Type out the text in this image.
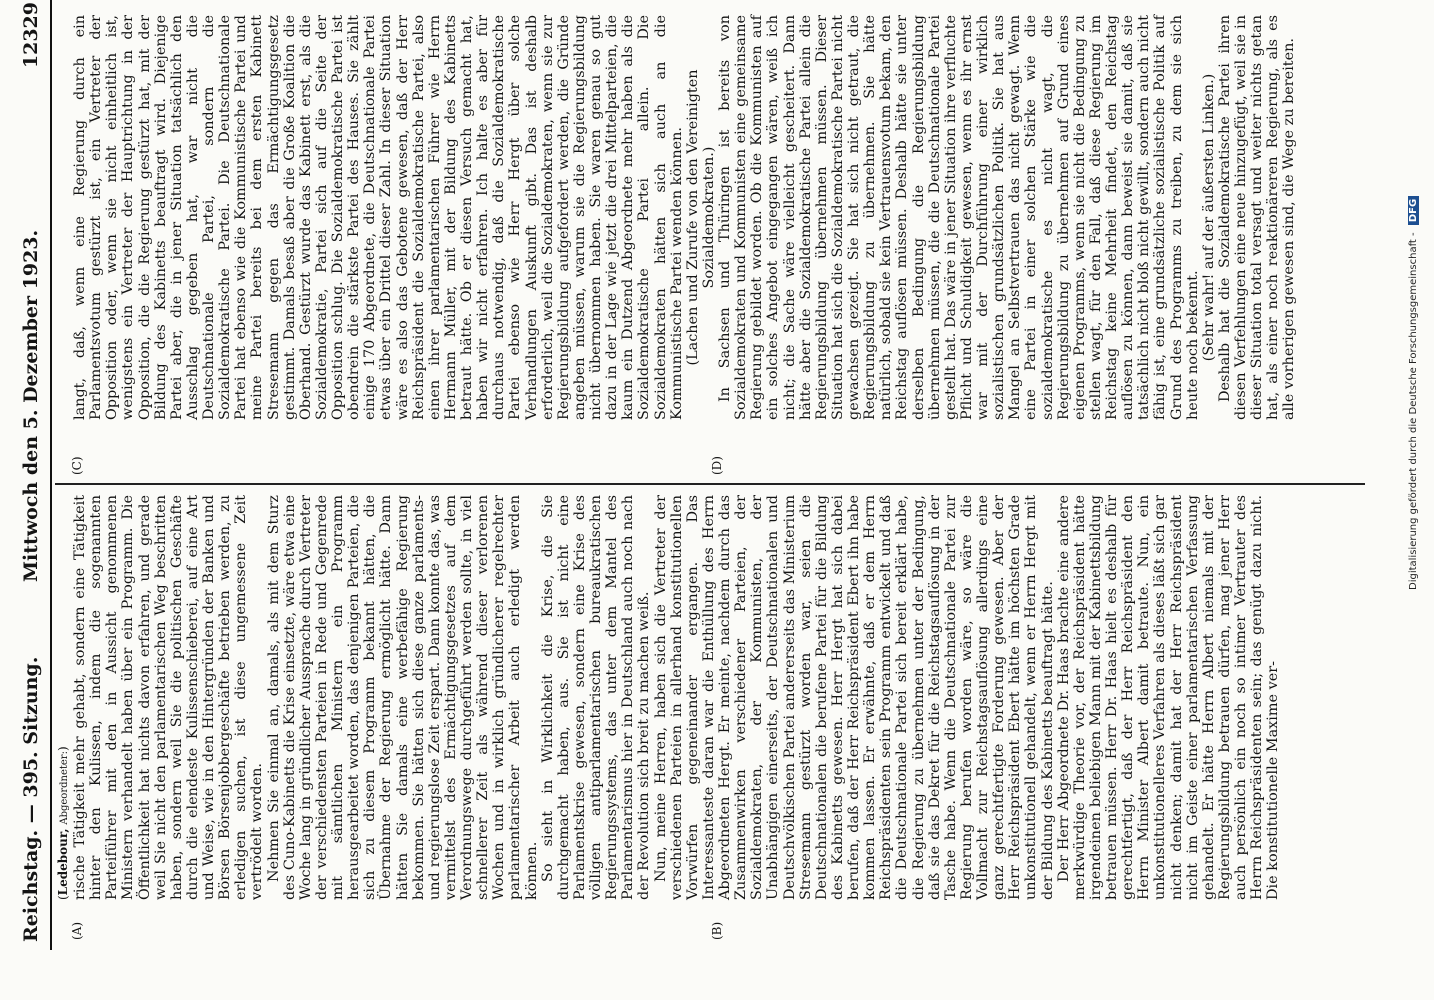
Reichstag. — 395. Sitzung.
Mittwoch den 5. Dezember 1923.
12329
(Ledebour, Abgeordneter:)
(A)	(B)
(C)	(D)

rische Tätigkeit mehr gehabt, sondern eine Tätigkeit hinter den Kulissen, indem die sogenannten Parteiführer mit den in Aussicht genommenen Ministern verhandelt haben über ein Programm. Die Öffentlichkeit hat nichts davon erfahren, und gerade weil Sie nicht den parlamentarischen Weg beschritten haben, sondern weil Sie die politischen Geschäfte durch die elendeste Kulissenschieberei, auf eine Art und Weise, wie in den Hintergründen der Banken und Börsen Börsenjobbergeschäfte betrieben werden, zu erledigen suchen, ist diese ungemessene Zeit vertrödelt worden. Nehmen Sie einmal an, damals, als mit dem Sturz des Cuno-Kabinetts die Krise einsetzte, wäre etwa eine Woche lang in gründlicher Aussprache durch Vertreter der verschiedensten Parteien in Rede und Gegenrede mit sämtlichen Ministern ein Programm herausgearbeitet worden, das denjenigen Parteien, die sich zu diesem Programm bekannt hätten, die Übernahme der Regierung ermöglicht hätte. Dann hätten Sie damals eine werbefähige Regierung bekommen. Sie hätten sich diese ganze parlaments- und regierungslose Zeit erspart. Dann konnte das, was vermittelst des Ermächtigungsgesetzes auf dem Verordnungswege durchgeführt werden sollte, in viel schnellerer Zeit als während dieser verlorenen Wochen und in wirklich gründlicherer regelrechter parlamentarischer Arbeit auch erledigt werden können. So sieht in Wirklichkeit die Krise, die Sie durchgemacht haben, aus. Sie ist nicht eine Parlamentskrise gewesen, sondern eine Krise des völligen antiparlamentarischen bureaukratischen Regierungssystems, das unter dem Mantel des Parlamentarismus hier in Deutschland auch noch nach der Revolution sich breit zu machen weiß. Nun, meine Herren, haben sich die Vertreter der verschiedenen Parteien in allerhand konstitutionellen Vorwürfen gegeneinander ergangen. Das Interessanteste daran war die Enthüllung des Herrn Abgeordneten Hergt. Er meinte, nachdem durch das Zusammenwirken verschiedener Parteien, der Sozialdemokraten, der Kommunisten, der Unabhängigen einerseits, der Deutschnationalen und Deutschvölkischen Partei andererseits das Ministerium Stresemann gestürzt worden war, seien die Deutschnationalen die berufene Partei für die Bildung des Kabinetts gewesen. Herr Hergt hat sich dabei berufen, daß der Herr Reichspräsident Ebert ihn habe kommen lassen. Er erwähnte, daß er dem Herrn Reichspräsidenten sein Programm entwickelt und daß die Deutschnationale Partei sich bereit erklärt habe, die Regierung zu übernehmen unter der Bedingung, daß sie das Dekret für die Reichstagsauflösung in der Tasche habe. Wenn die Deutschnationale Partei zur Regierung berufen worden wäre, so wäre die Vollmacht zur Reichstagsauflösung allerdings eine ganz gerechtfertigte Forderung gewesen. Aber der Herr Reichspräsident Ebert hätte im höchsten Grade unkonstitutionell gehandelt, wenn er Herrn Hergt mit der Bildung des Kabinetts beauftragt hätte. Der Herr Abgeordnete Dr. Haas brachte eine andere merkwürdige Theorie vor, der Reichspräsident hätte irgendeinen beliebigen Mann mit der Kabinettsbildung betrauen müssen. Herr Dr. Haas hielt es deshalb für gerechtfertigt, daß der Herr Reichspräsident den Herrn Minister Albert damit betraute. Nun, ein unkonstitutionelleres Verfahren als dieses läßt sich gar nicht denken; damit hat der Herr Reichspräsident nicht im Geiste einer parlamentarischen Verfassung gehandelt. Er hätte Herrn Albert niemals mit der Regierungsbildung betrauen dürfen, mag jener Herr auch persönlich ein noch so intimer Vertrauter des Herrn Reichspräsidenten sein; das genügt dazu nicht. Die konstitutionelle Maxime ver-

langt, daß, wenn eine Regierung durch ein Parlamentsvotum gestürzt ist, ein Vertreter der Opposition oder, wenn sie nicht einheitlich ist, wenigstens ein Vertreter der Hauptrichtung in der Opposition, die die Regierung gestürzt hat, mit der Bildung des Kabinetts beauftragt wird. Diejenige Partei aber, die in jener Situation tatsächlich den Ausschlag gegeben hat, war nicht die Deutschnationale Partei, sondern die Sozialdemokratische Partei. Die Deutschnationale Partei hat ebenso wie die Kommunistische Partei und meine Partei bereits bei dem ersten Kabinett Stresemann gegen das Ermächtigungsgesetz gestimmt. Damals besaß aber die Große Koalition die Oberhand. Gestürzt wurde das Kabinett erst, als die Sozialdemokratie, Partei sich auf die Seite der Opposition schlug. Die Sozialdemokratische Partei ist obendrein die stärkste Partei des Hauses. Sie zählt einige 170 Abgeordnete, die Deutschnationale Partei etwas über ein Drittel dieser Zahl. In dieser Situation wäre es also das Gebotene gewesen, daß der Herr Reichspräsident die Sozialdemokratische Partei, also einen ihrer parlamentarischen Führer wie Herrn Hermann Müller, mit der Bildung des Kabinetts betraut hätte. Ob er diesen Versuch gemacht hat, haben wir nicht erfahren. Ich halte es aber für durchaus notwendig, daß die Sozialdemokratische Partei ebenso wie Herr Hergt über solche Verhandlungen Auskunft gibt. Das ist deshalb erforderlich, weil die Sozialdemokraten, wenn sie zur Regierungsbildung aufgefordert werden, die Gründe angeben müssen, warum sie die Regierungsbildung nicht übernommen haben. Sie waren genau so gut dazu in der Lage wie jetzt die drei Mittelparteien, die kaum ein Dutzend Abgeordnete mehr haben als die Sozialdemokratische Partei allein. Die Sozialdemokraten hätten sich auch an die Kommunistische Partei wenden können. (Lachen und Zurufe von den Vereinigten Sozialdemokraten.) In Sachsen und Thüringen ist bereits von Sozialdemokraten und Kommunisten eine gemeinsame Regierung gebildet worden. Ob die Kommunisten auf ein solches Angebot eingegangen wären, weiß ich nicht; die Sache wäre vielleicht gescheitert. Dann hätte aber die Sozialdemokratische Partei allein die Regierungsbildung übernehmen müssen. Dieser Situation hat sich die Sozialdemokratische Partei nicht gewachsen gezeigt. Sie hat sich nicht getraut, die Regierungsbildung zu übernehmen. Sie hätte natürlich, sobald sie kein Vertrauensvotum bekam, den Reichstag auflösen müssen. Deshalb hätte sie unter derselben Bedingung die Regierungsbildung übernehmen müssen, die die Deutschnationale Partei gestellt hat. Das wäre in jener Situation ihre verfluchte Pflicht und Schuldigkeit gewesen, wenn es ihr ernst war mit der Durchführung einer wirklich sozialistischen grundsätzlichen Politik. Sie hat aus Mangel an Selbstvertrauen das nicht gewagt. Wenn eine Partei in einer solchen Stärke wie die sozialdemokratische es nicht wagt, die Regierungsbildung zu übernehmen auf Grund eines eigenen Programms, wenn sie nicht die Bedingung zu stellen wagt, für den Fall, daß diese Regierung im Reichstag keine Mehrheit findet, den Reichstag auflösen zu können, dann beweist sie damit, daß sie tatsächlich nicht bloß nicht gewillt, sondern auch nicht fähig ist, eine grundsätzliche sozialistische Politik auf Grund des Programms zu treiben, zu dem sie sich heute noch bekennt. (Sehr wahr! auf der äußersten Linken.) Deshalb hat die Sozialdemokratische Partei ihren diesen Verfehlungen eine neue hinzugefügt, weil sie in dieser Situation total versagt und weiter nichts getan hat, als einer noch reaktionäreren Regierung, als es alle vorherigen gewesen sind, die Wege zu bereiten.	Digitalisierung gefördert durch die Deutsche Forschungsgemeinschaft - DFG
